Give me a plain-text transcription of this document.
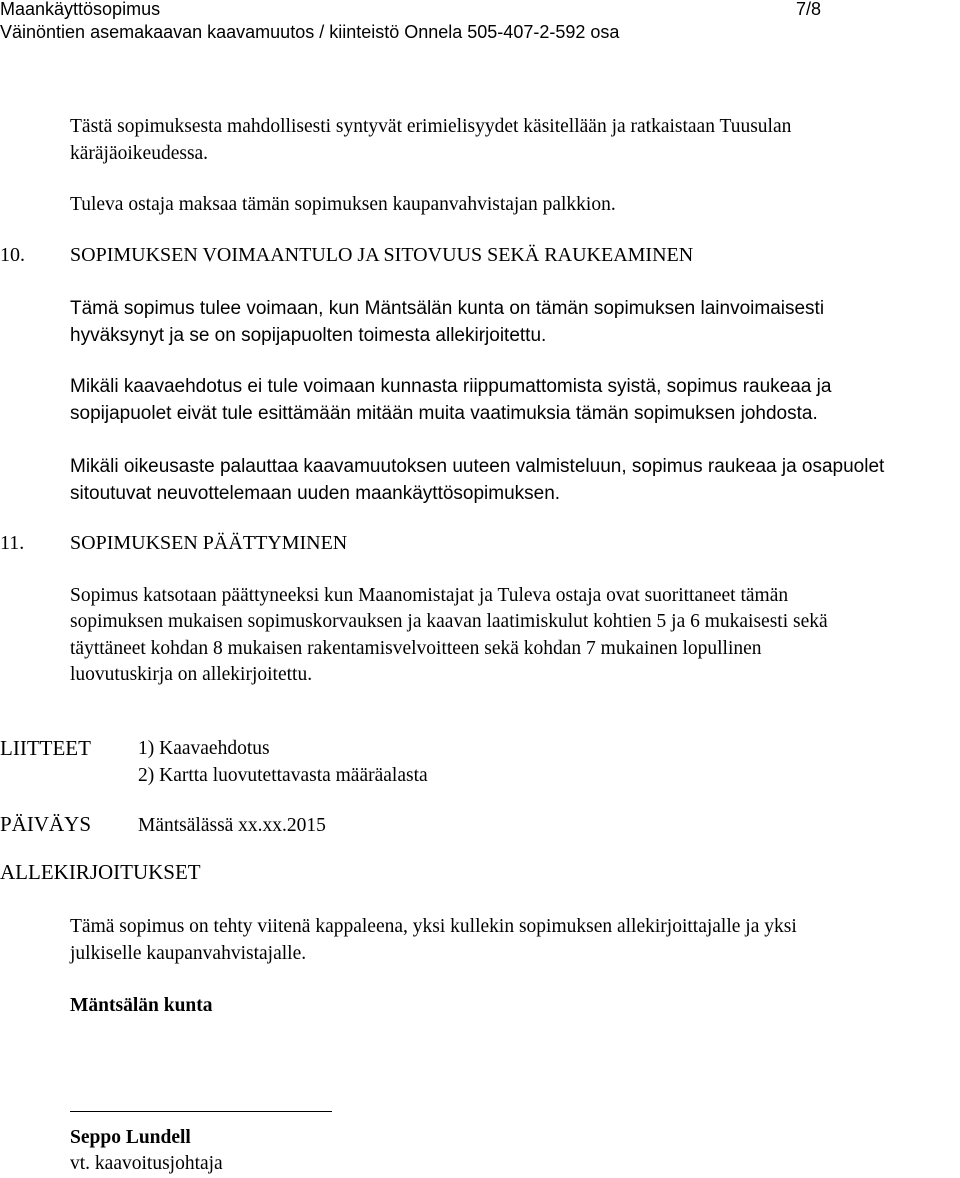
Maankäyttösopimus	7/8
Väinöntien asemakaavan kaavamuutos / kiinteistö Onnela 505-407-2-592 osa
Tästä sopimuksesta mahdollisesti syntyvät erimielisyydet käsitellään ja ratkaistaan Tuusulan
käräjäoikeudessa.
Tuleva ostaja maksaa tämän sopimuksen kaupanvahvistajan palkkion.
10. SOPIMUKSEN VOIMAANTULO JA SITOVUUS SEKÄ RAUKEAMINEN
Tämä sopimus tulee voimaan, kun Mäntsälän kunta on tämän sopimuksen lainvoimaisesti
hyväksynyt ja se on sopijapuolten toimesta allekirjoitettu.
Mikäli kaavaehdotus ei tule voimaan kunnasta riippumattomista syistä, sopimus raukeaa ja
sopijapuolet eivät tule esittämään mitään muita vaatimuksia tämän sopimuksen johdosta.
Mikäli oikeusaste palauttaa kaavamuutoksen uuteen valmisteluun, sopimus raukeaa ja osapuolet
sitoutuvat neuvottelemaan uuden maankäyttösopimuksen.
11. SOPIMUKSEN PÄÄTTYMINEN
Sopimus katsotaan päättyneeksi kun Maanomistajat ja Tuleva ostaja ovat suorittaneet tämän
sopimuksen mukaisen sopimuskorvauksen ja kaavan laatimiskulut kohtien 5 ja 6 mukaisesti sekä
täyttäneet kohdan 8 mukaisen rakentamisvelvoitteen sekä kohdan 7 mukainen lopullinen
luovutuskirja on allekirjoitettu.
LIITTEET 1) Kaavaehdotus
2) Kartta luovutettavasta määräalasta
PÄIVÄYS Mäntsälässä xx.xx.2015
ALLEKIRJOITUKSET
Tämä sopimus on tehty viitenä kappaleena, yksi kullekin sopimuksen allekirjoittajalle ja yksi
julkiselle kaupanvahvistajalle.
Mäntsälän kunta
Seppo Lundell
vt. kaavoitusjohtaja
